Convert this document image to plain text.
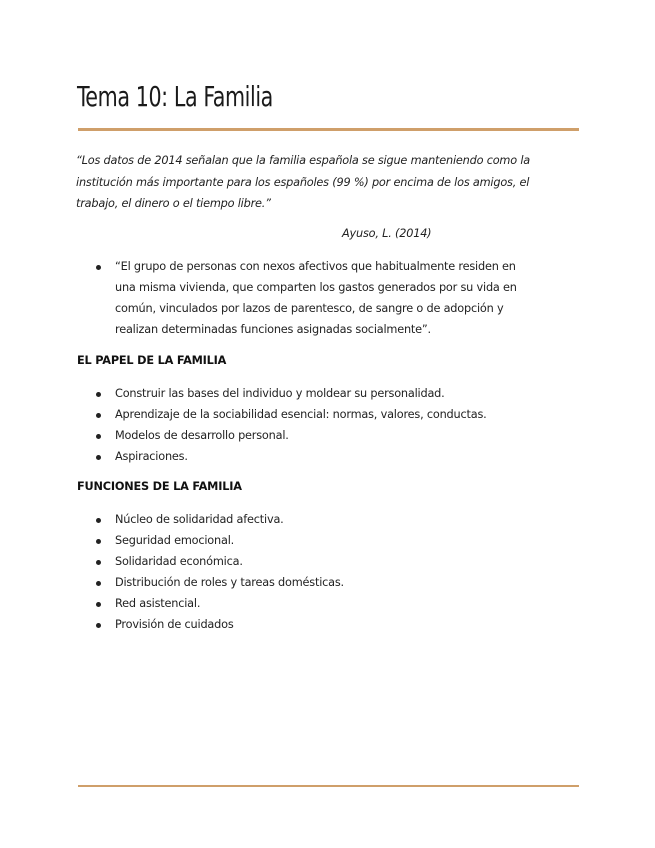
Tema 10: La Familia

“Los datos de 2014 señalan que la familia española se sigue manteniendo como la institución más importante para los españoles (99 %) por encima de los amigos, el trabajo, el dinero o el tiempo libre.”

Ayuso, L. (2014)

“El grupo de personas con nexos afectivos que habitualmente residen en una misma vivienda, que comparten los gastos generados por su vida en común, vinculados por lazos de parentesco, de sangre o de adopción y realizan determinadas funciones asignadas socialmente”.
EL PAPEL DE LA FAMILIA
Construir las bases del individuo y moldear su personalidad.
Aprendizaje de la sociabilidad esencial: normas, valores, conductas.
Modelos de desarrollo personal.
Aspiraciones.
FUNCIONES DE LA FAMILIA
Núcleo de solidaridad afectiva.
Seguridad emocional.
Solidaridad económica.
Distribución de roles y tareas domésticas.
Red asistencial.
Provisión de cuidados
